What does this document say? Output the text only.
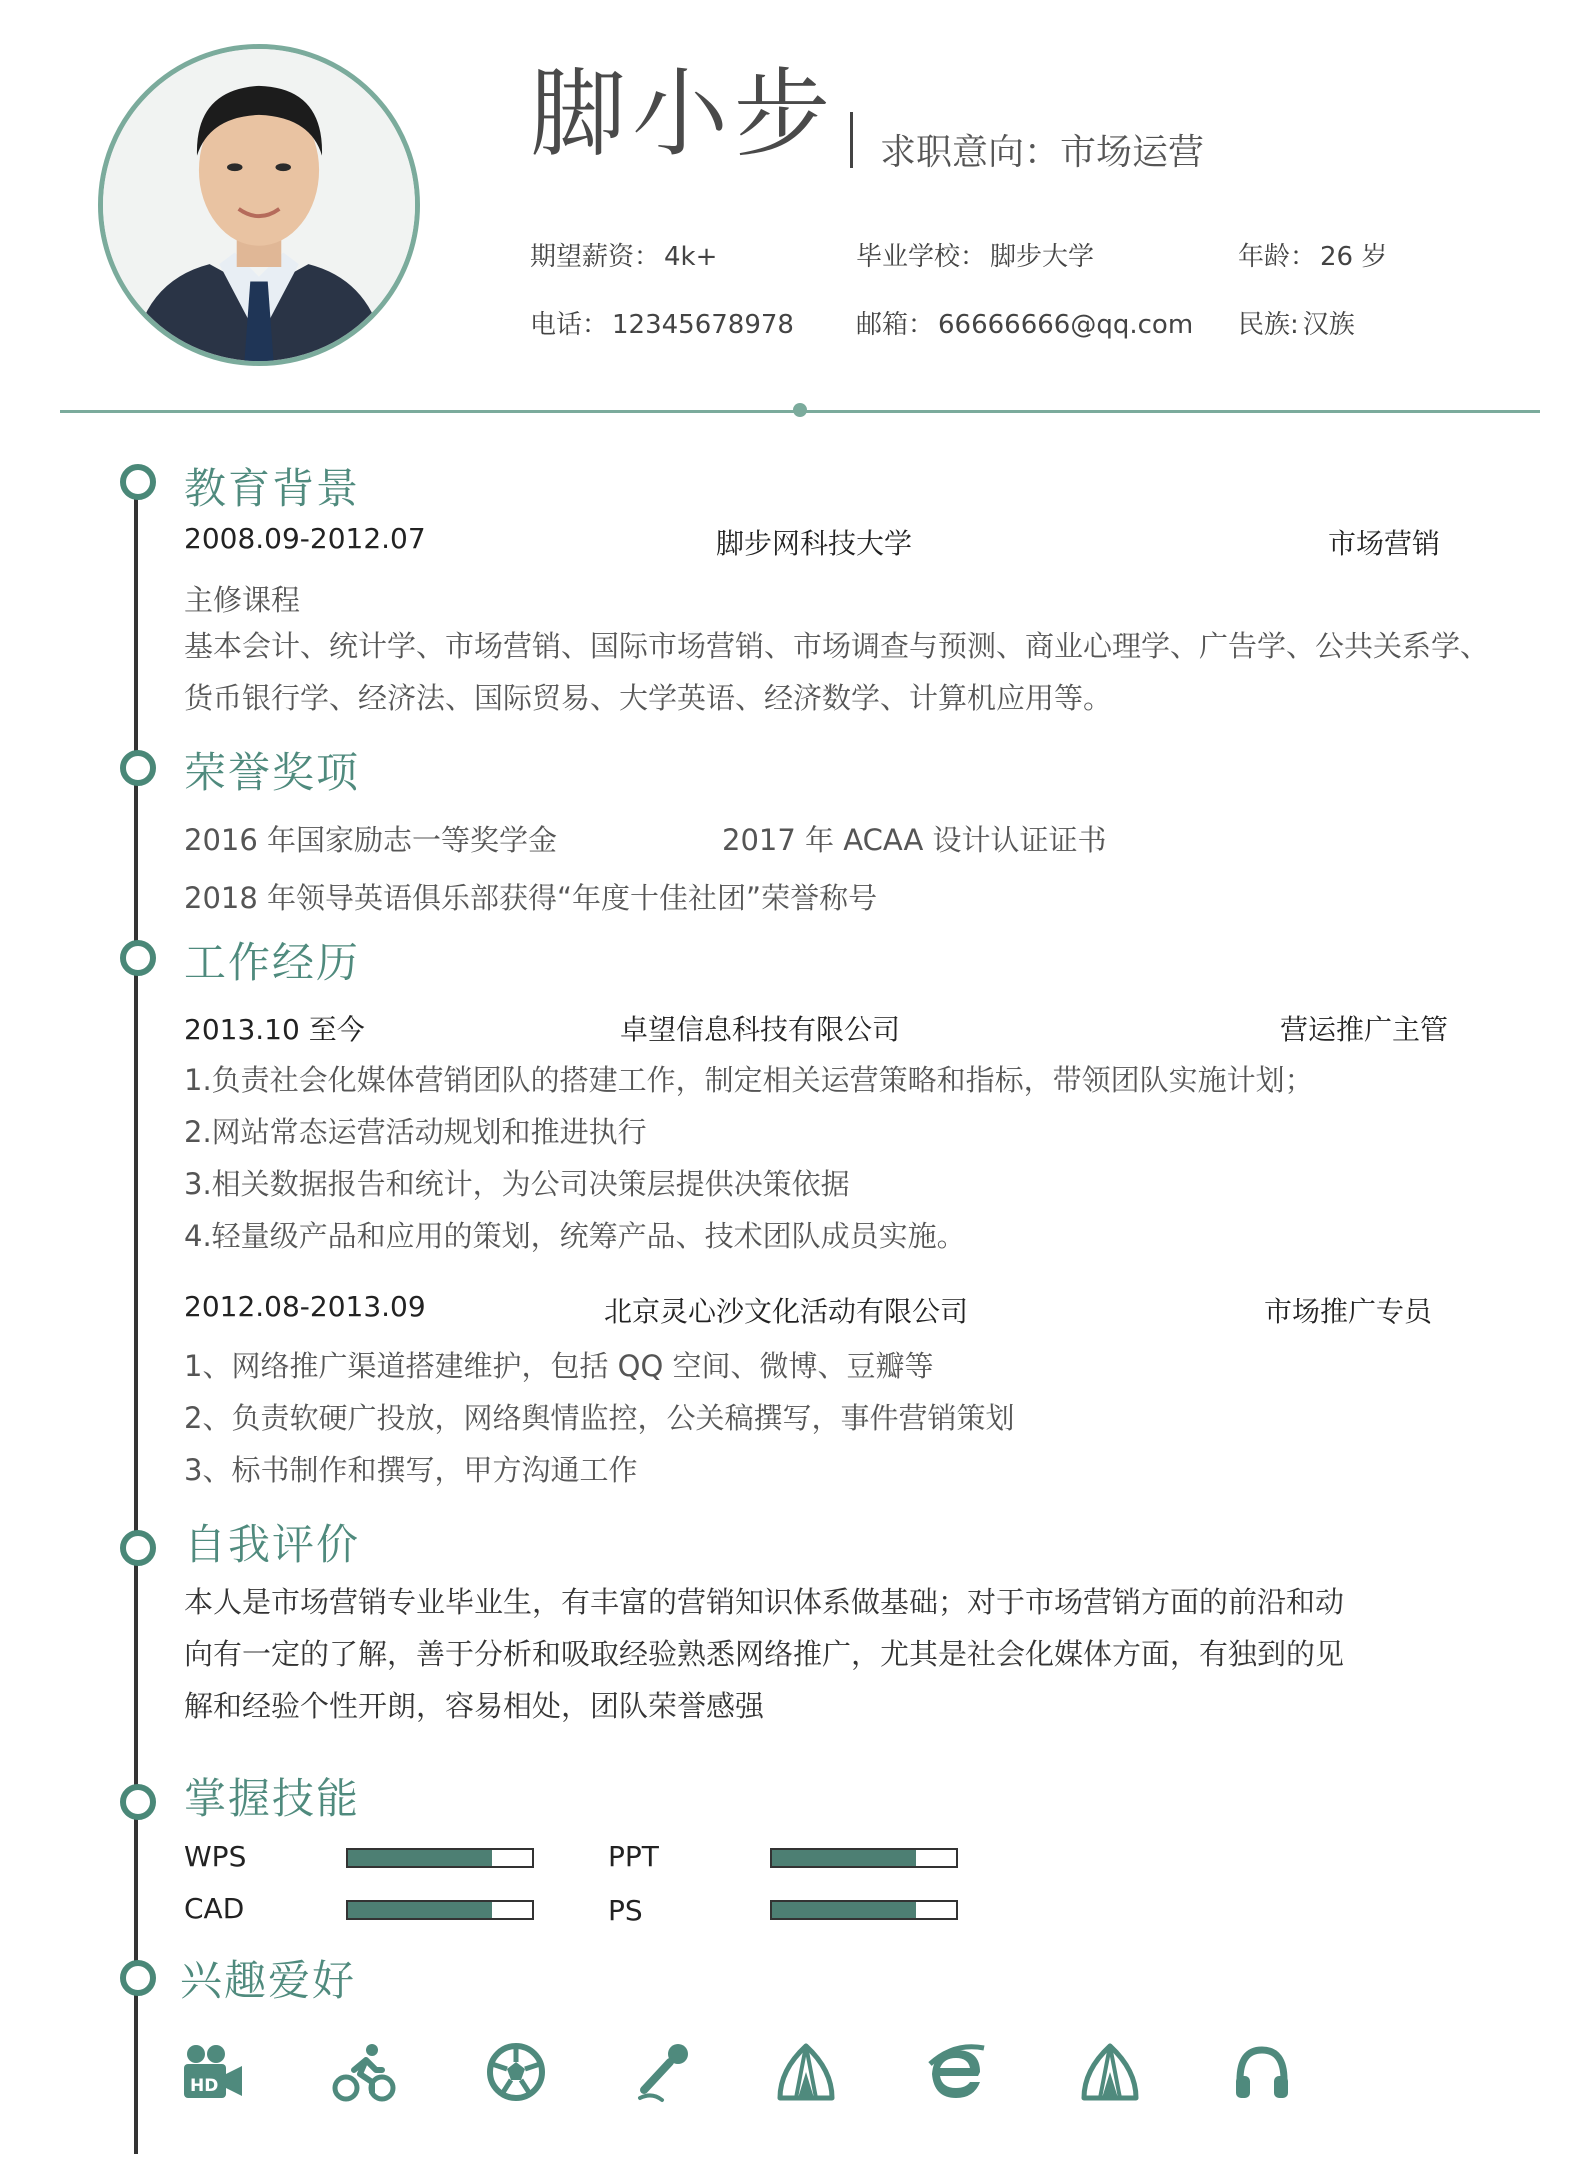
脚小步 求职意向：市场运营
期望薪资： 4k+	毕业学校： 脚步大学	年龄： 26 岁
电话： 12345678978 邮箱： 66666666@qq.com 民族: 汉族
教育背景
2008.09-2012.07	脚步网科技大学	市场营销
主修课程
基本会计、统计学、市场营销、国际市场营销、市场调查与预测、商业心理学、广告学、公共关系学、货币银行学、经济法、国际贸易、大学英语、经济数学、计算机应用等。
荣誉奖项
2016 年国家励志一等奖学金	2017 年 ACAA 设计认证证书
2018 年领导英语俱乐部获得“年度十佳社团”荣誉称号
工作经历
2013.10 至今	卓望信息科技有限公司	营运推广主管
1.负责社会化媒体营销团队的搭建工作，制定相关运营策略和指标，带领团队实施计划；
2.网站常态运营活动规划和推进执行
3.相关数据报告和统计，为公司决策层提供决策依据
4.轻量级产品和应用的策划，统筹产品、技术团队成员实施。
2012.08-2013.09	北京灵心沙文化活动有限公司	市场推广专员
1、网络推广渠道搭建维护，包括 QQ 空间、微博、豆瓣等
2、负责软硬广投放，网络舆情监控，公关稿撰写，事件营销策划
3、标书制作和撰写，甲方沟通工作
自我评价
本人是市场营销专业毕业生，有丰富的营销知识体系做基础；对于市场营销方面的前沿和动
向有一定的了解，善于分析和吸取经验熟悉网络推广，尤其是社会化媒体方面，有独到的见
解和经验个性开朗，容易相处，团队荣誉感强
掌握技能
WPS	PPT
CAD	PS
兴趣爱好
HD
